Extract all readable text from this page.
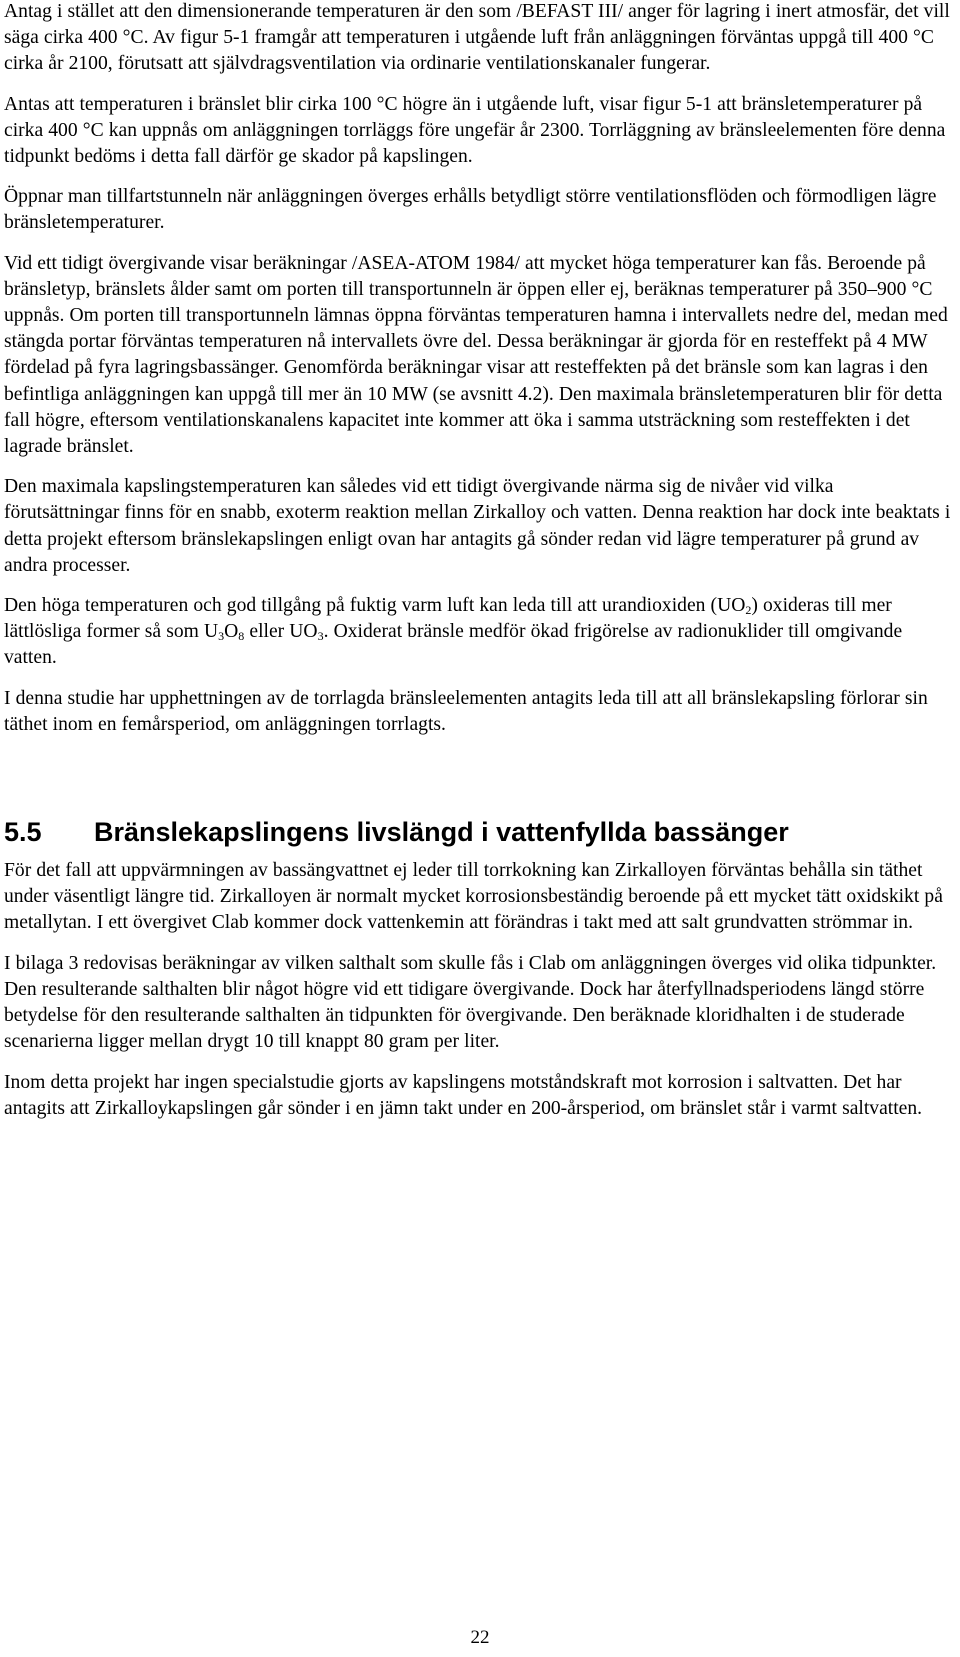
Antag i stället att den dimensionerande temperaturen är den som /BEFAST III/ anger för lagring i inert atmosfär, det vill säga cirka 400 °C. Av figur 5-1 framgår att temperaturen i utgående luft från anläggningen förväntas uppgå till 400 °C cirka år 2100, förutsatt att självdragsventilation via ordinarie ventilationskanaler fungerar.

Antas att temperaturen i bränslet blir cirka 100 °C högre än i utgående luft, visar figur 5-1 att bränsletemperaturer på cirka 400 °C kan uppnås om anläggningen torrläggs före ungefär år 2300. Torrläggning av bränsleelementen före denna tidpunkt bedöms i detta fall därför ge skador på kapslingen.

Öppnar man tillfartstunneln när anläggningen överges erhålls betydligt större ventilationsflöden och förmodligen lägre bränsletemperaturer.

Vid ett tidigt övergivande visar beräkningar /ASEA-ATOM 1984/ att mycket höga temperaturer kan fås. Beroende på bränsletyp, bränslets ålder samt om porten till transportunneln är öppen eller ej, beräknas temperaturer på 350–900 °C uppnås. Om porten till transportunneln lämnas öppna förväntas temperaturen hamna i intervallets nedre del, medan med stängda portar förväntas temperaturen nå intervallets övre del. Dessa beräkningar är gjorda för en resteffekt på 4 MW fördelad på fyra lagringsbassänger. Genomförda beräkningar visar att resteffekten på det bränsle som kan lagras i den befintliga anläggningen kan uppgå till mer än 10 MW (se avsnitt 4.2). Den maximala bränsletemperaturen blir för detta fall högre, eftersom ventilationskanalens kapacitet inte kommer att öka i samma utsträckning som resteffekten i det lagrade bränslet.

Den maximala kapslingstemperaturen kan således vid ett tidigt övergivande närma sig de nivåer vid vilka förutsättningar finns för en snabb, exoterm reaktion mellan Zirkalloy och vatten. Denna reaktion har dock inte beaktats i detta projekt eftersom bränslekapslingen enligt ovan har antagits gå sönder redan vid lägre temperaturer på grund av andra processer.

Den höga temperaturen och god tillgång på fuktig varm luft kan leda till att urandioxiden $(UO_2)$ oxideras till mer lättlösliga former så som $U_3O_8$ eller $UO_3$. Oxiderat bränsle medför ökad frigörelse av radionuklider till omgivande vatten.

I denna studie har upphettningen av de torrlagda bränsleelementen antagits leda till att all bränslekapsling förlorar sin täthet inom en femårsperiod, om anläggningen torrlagts.

5.5	Bränslekapslingens livslängd i vattenfyllda bassänger

För det fall att uppvärmningen av bassängvattnet ej leder till torrkokning kan Zirkalloyen förväntas behålla sin täthet under väsentligt längre tid. Zirkalloyen är normalt mycket korrosionsbeständig beroende på ett mycket tätt oxidskikt på metallytan. I ett övergivet Clab kommer dock vattenkemin att förändras i takt med att salt grundvatten strömmar in.

I bilaga 3 redovisas beräkningar av vilken salthalt som skulle fås i Clab om anläggningen överges vid olika tidpunkter. Den resulterande salthalten blir något högre vid ett tidigare övergivande. Dock har återfyllnadsperiodens längd större betydelse för den resulterande salthalten än tidpunkten för övergivande. Den beräknade kloridhalten i de studerade scenarierna ligger mellan drygt 10 till knappt 80 gram per liter.

Inom detta projekt har ingen specialstudie gjorts av kapslingens motståndskraft mot korrosion i saltvatten. Det har antagits att Zirkalloykapslingen går sönder i en jämn takt under en 200-årsperiod, om bränslet står i varmt saltvatten.

22
